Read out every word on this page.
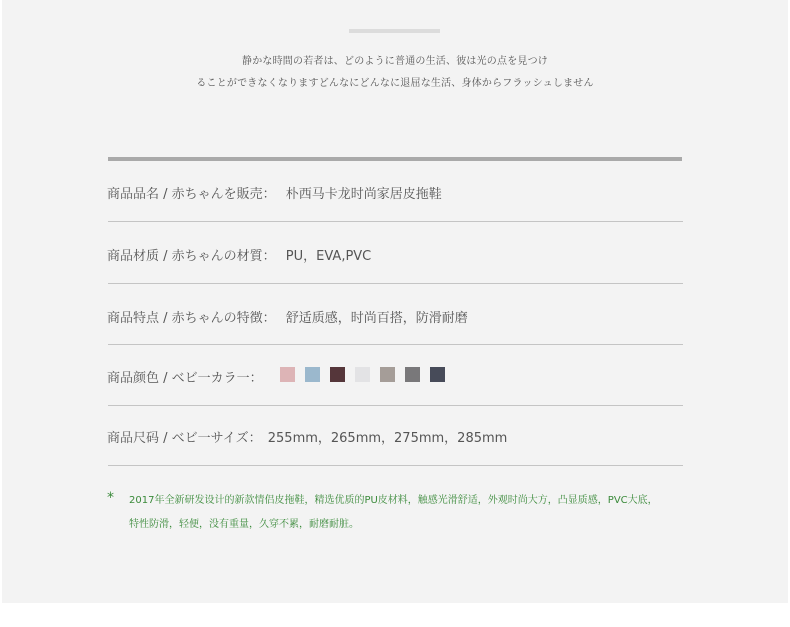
静かな時間の若者は、どのように普通の生活、彼は光の点を見つけ
ることができなくなりますどんなにどんなに退屈な生活、身体からフラッシュしません
商品品名 / 赤ちゃんを販売： 朴西马卡龙时尚家居皮拖鞋
商品材质 / 赤ちゃんの材質： PU，EVA,PVC
商品特点 / 赤ちゃんの特徴： 舒适质感，时尚百搭，防滑耐磨
商品颜色 / ベビ一カラ一：
商品尺码 / ベビ一サイズ： 255mm，265mm，275mm，285mm
* 2017年全新研发设计的新款情侣皮拖鞋，精选优质的PU皮材料，触感光滑舒适，外观时尚大方，凸显质感，PVC大底，
特性防滑，轻便，没有重量，久穿不累，耐磨耐脏。
